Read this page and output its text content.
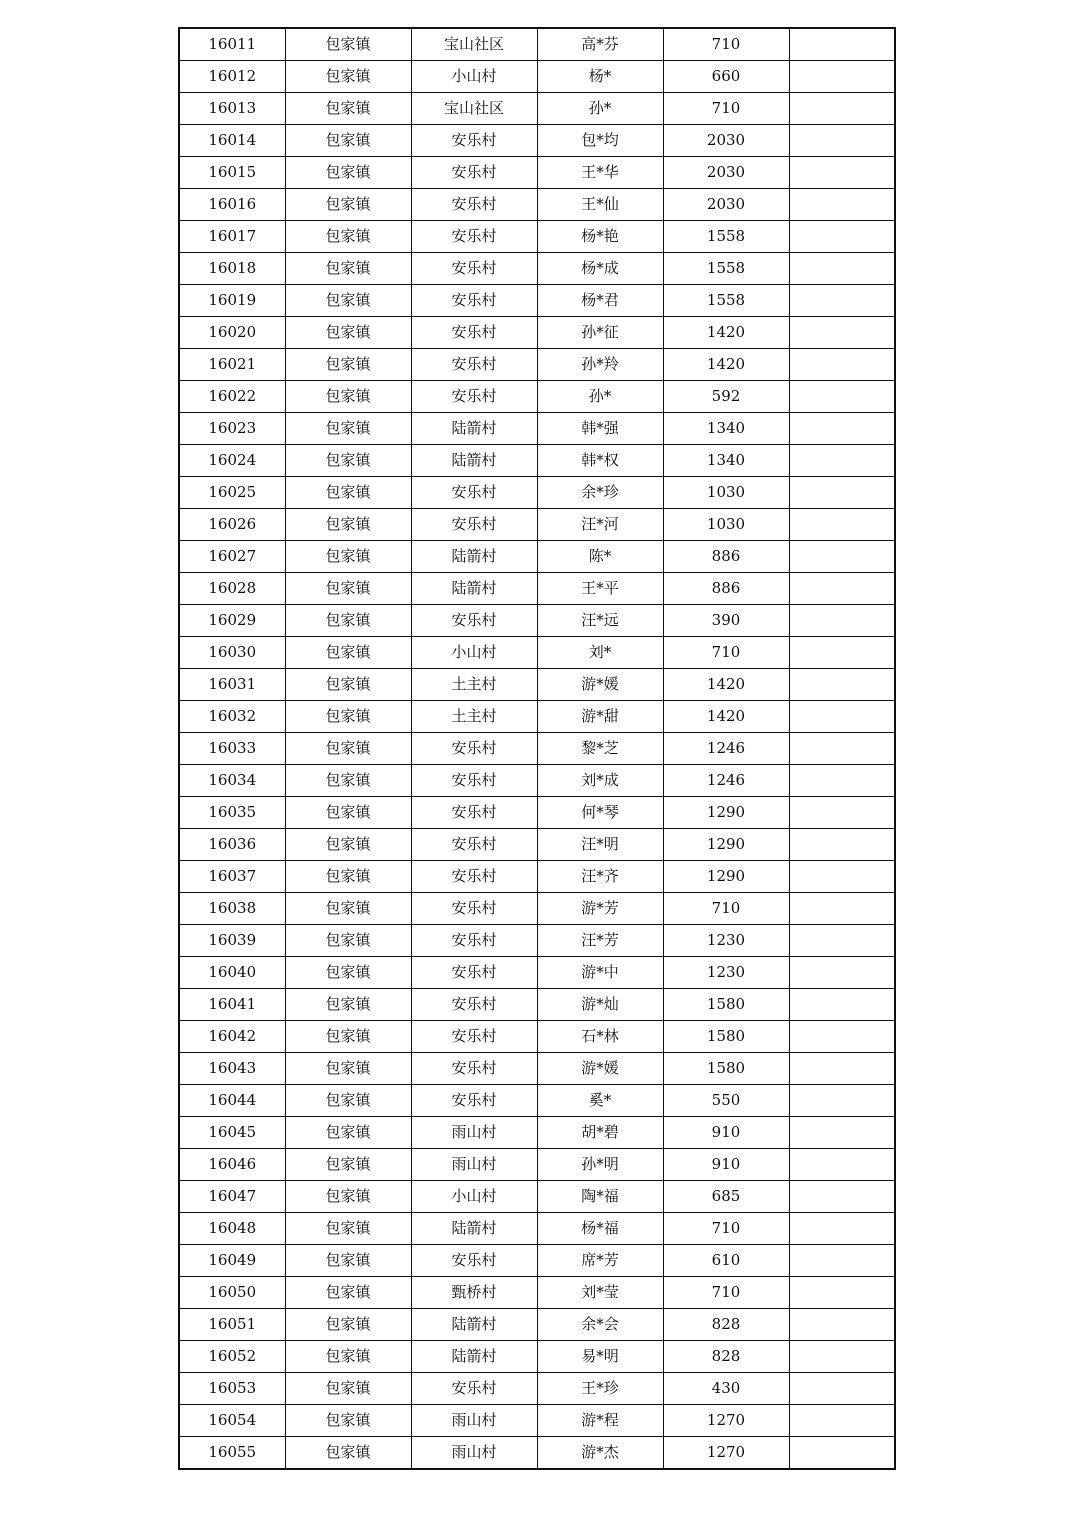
16011	包家镇	宝山社区	高*芬	710	
16012	包家镇	小山村	杨*	660	
16013	包家镇	宝山社区	孙*	710	
16014	包家镇	安乐村	包*均	2030	
16015	包家镇	安乐村	王*华	2030	
16016	包家镇	安乐村	王*仙	2030	
16017	包家镇	安乐村	杨*艳	1558	
16018	包家镇	安乐村	杨*成	1558	
16019	包家镇	安乐村	杨*君	1558	
16020	包家镇	安乐村	孙*征	1420	
16021	包家镇	安乐村	孙*羚	1420	
16022	包家镇	安乐村	孙*	592	
16023	包家镇	陆箭村	韩*强	1340	
16024	包家镇	陆箭村	韩*权	1340	
16025	包家镇	安乐村	余*珍	1030	
16026	包家镇	安乐村	汪*河	1030	
16027	包家镇	陆箭村	陈*	886	
16028	包家镇	陆箭村	王*平	886	
16029	包家镇	安乐村	汪*远	390	
16030	包家镇	小山村	刘*	710	
16031	包家镇	土主村	游*媛	1420	
16032	包家镇	土主村	游*甜	1420	
16033	包家镇	安乐村	黎*芝	1246	
16034	包家镇	安乐村	刘*成	1246	
16035	包家镇	安乐村	何*琴	1290	
16036	包家镇	安乐村	汪*明	1290	
16037	包家镇	安乐村	汪*齐	1290	
16038	包家镇	安乐村	游*芳	710	
16039	包家镇	安乐村	汪*芳	1230	
16040	包家镇	安乐村	游*中	1230	
16041	包家镇	安乐村	游*灿	1580	
16042	包家镇	安乐村	石*林	1580	
16043	包家镇	安乐村	游*媛	1580	
16044	包家镇	安乐村	奚*	550	
16045	包家镇	雨山村	胡*碧	910	
16046	包家镇	雨山村	孙*明	910	
16047	包家镇	小山村	陶*福	685	
16048	包家镇	陆箭村	杨*福	710	
16049	包家镇	安乐村	席*芳	610	
16050	包家镇	甄桥村	刘*莹	710	
16051	包家镇	陆箭村	余*会	828	
16052	包家镇	陆箭村	易*明	828	
16053	包家镇	安乐村	王*珍	430	
16054	包家镇	雨山村	游*程	1270	
16055	包家镇	雨山村	游*杰	1270	
